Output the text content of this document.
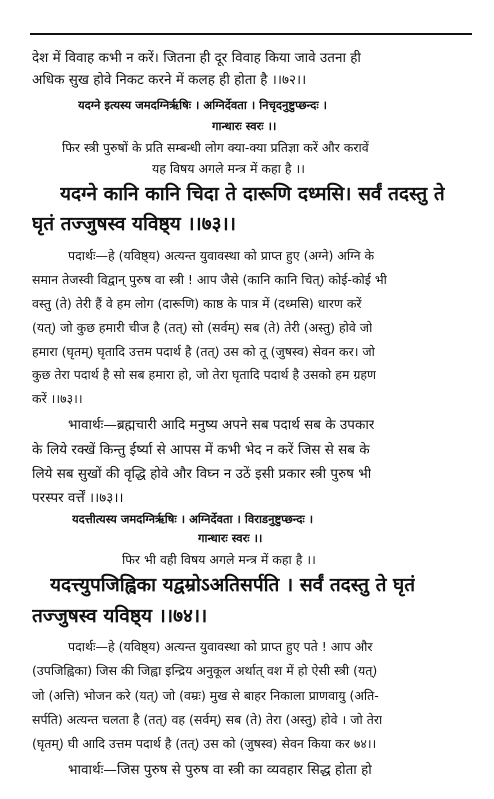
देश में विवाह कभी न करें। जितना ही दूर विवाह किया जावे उतना ही
अधिक सुख होवे निकट करने में कलह ही होता है ।।७२।।
यदग्ने इत्यस्य जमदग्निर्ऋषिः । अग्निर्देवता । निचृदनुष्टुप्छन्दः ।
गान्धारः स्वरः ।।
फिर स्त्री पुरुषों के प्रति सम्बन्धी लोग क्या-क्या प्रतिज्ञा करें और करावें
यह विषय अगले मन्त्र में कहा है ।।
यदग्ने कानि कानि चिदा ते दारूणि दध्मसि। सर्वं तदस्तु ते
घृतं तज्जुषस्व यविष्ठ्य ।।७३।।
पदार्थः—हे (यविष्ठ्य) अत्यन्त युवावस्था को प्राप्त हुए (अग्ने) अग्नि के
समान तेजस्वी विद्वान् पुरुष वा स्त्री ! आप जैसे (कानि कानि चित्) कोई-कोई भी
वस्तु (ते) तेरी हैं वे हम लोग (दारूणि) काष्ठ के पात्र में (दध्मसि) धारण करें
(यत्) जो कुछ हमारी चीज है (तत्) सो (सर्वम्) सब (ते) तेरी (अस्तु) होवे जो
हमारा (घृतम्) घृतादि उत्तम पदार्थ है (तत्) उस को तू (जुषस्व) सेवन कर। जो
कुछ तेरा पदार्थ है सो सब हमारा हो, जो तेरा घृतादि पदार्थ है उसको हम ग्रहण
करें ।।७३।।
भावार्थः—ब्रह्मचारी आदि मनुष्य अपने सब पदार्थ सब के उपकार
के लिये रक्खें किन्तु ईर्ष्या से आपस में कभी भेद न करें जिस से सब के
लिये सब सुखों की वृद्धि होवे और विघ्न न उठें इसी प्रकार स्त्री पुरुष भी
परस्पर वर्त्तें ।।७३।।
यदत्तीत्यस्य जमदग्निर्ऋषिः । अग्निर्देवता । विराडनुष्टुप्छन्दः ।
गान्धारः स्वरः ।।
फिर भी वही विषय अगले मन्त्र में कहा है ।।
यदत्त्युपजिह्विका यद्वम्रोऽअतिसर्पति । सर्वं तदस्तु ते घृतं
तज्जुषस्व यविष्ठ्य ।।७४।।
पदार्थः—हे (यविष्ठ्य) अत्यन्त युवावस्था को प्राप्त हुए पते ! आप और
(उपजिह्विका) जिस की जिह्वा इन्द्रिय अनुकूल अर्थात् वश में हो ऐसी स्त्री (यत्)
जो (अत्ति) भोजन करे (यत्) जो (वम्रः) मुख से बाहर निकाला प्राणवायु (अति-
सर्पति) अत्यन्त चलता है (तत्) वह (सर्वम्) सब (ते) तेरा (अस्तु) होवे । जो तेरा
(घृतम्) घी आदि उत्तम पदार्थ है (तत्) उस को (जुषस्व) सेवन किया कर ७४।।
भावार्थः—जिस पुरुष से पुरुष वा स्त्री का व्यवहार सिद्ध होता हो
